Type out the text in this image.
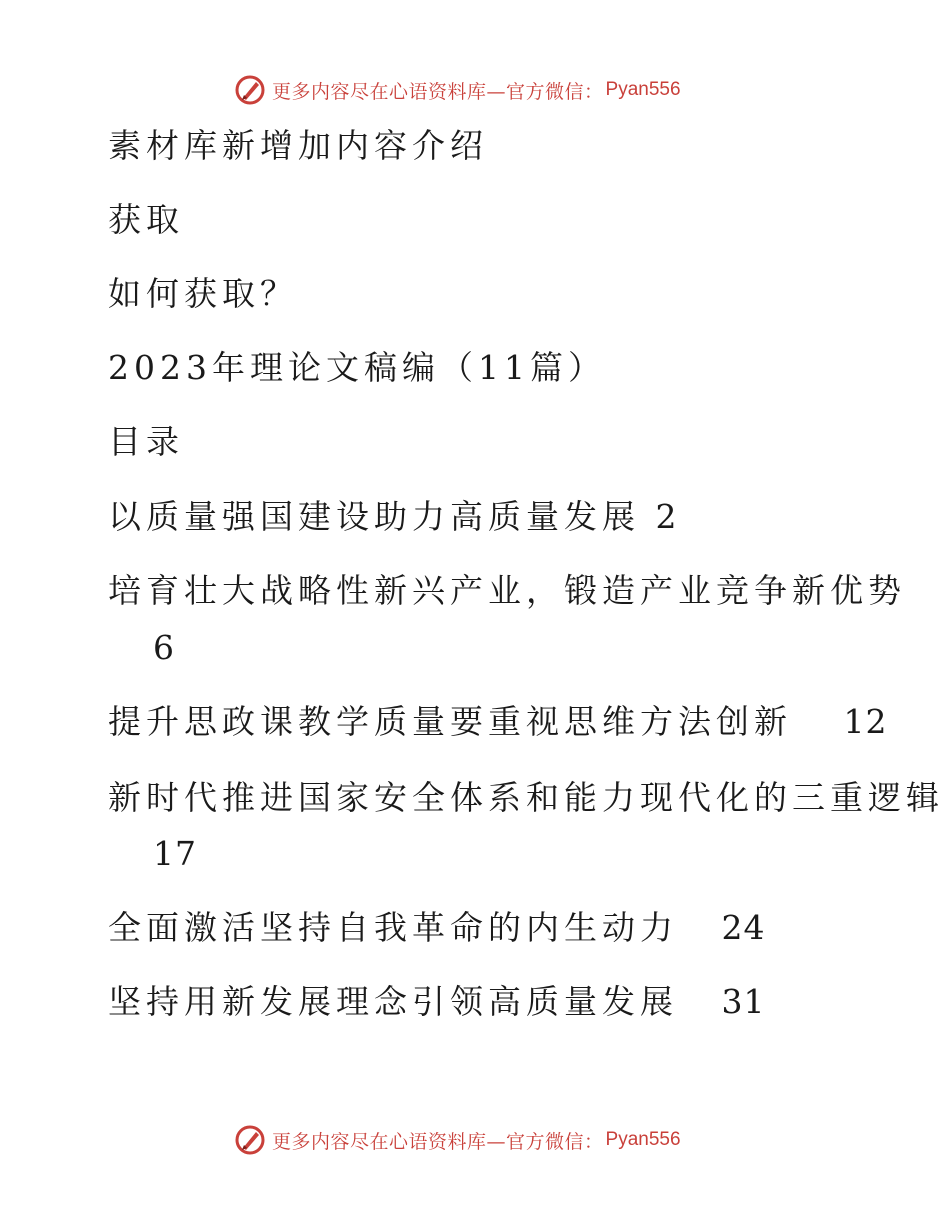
更多内容尽在心语资料库—官方微信： Pyan556
素材库新增加内容介绍
获取
如何获取？
2023年理论文稿编（11篇）
目录
以质量强国建设助力高质量发展 2
培育壮大战略性新兴产业，锻造产业竞争新优势
6
提升思政课教学质量要重视思维方法创新 12
新时代推进国家安全体系和能力现代化的三重逻辑
17
全面激活坚持自我革命的内生动力 24
坚持用新发展理念引领高质量发展 31
更多内容尽在心语资料库—官方微信： Pyan556
